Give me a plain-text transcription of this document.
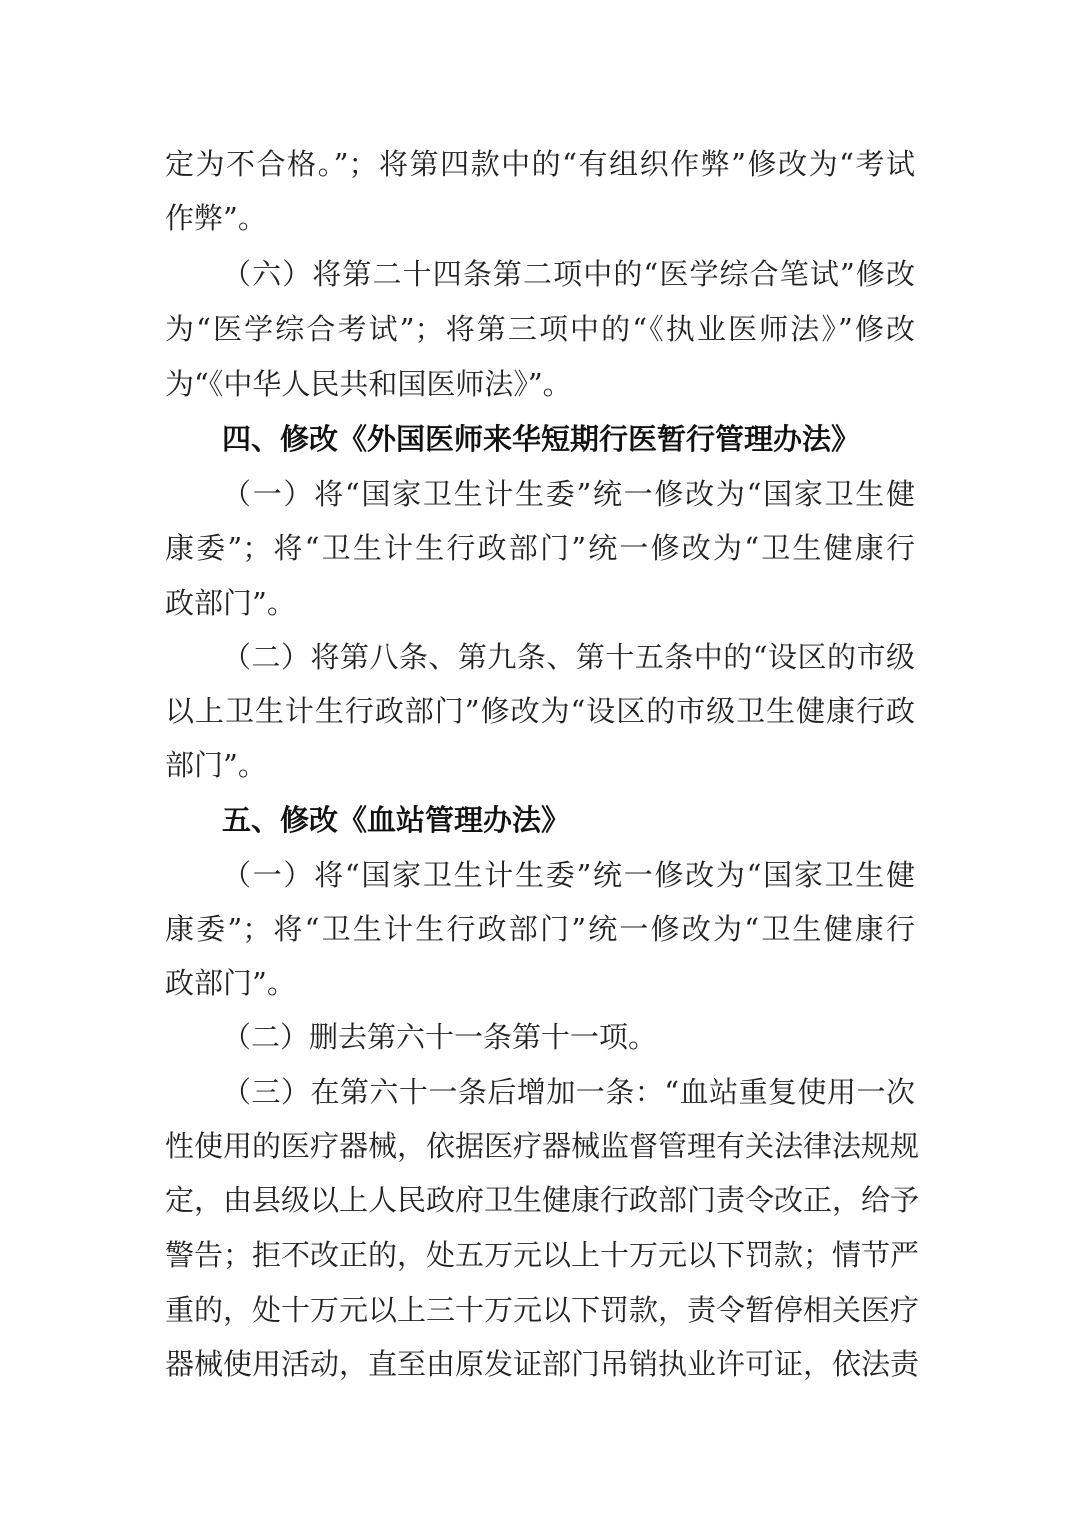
定为不合格。”；将第四款中的“有组织作弊”修改为“考试

作弊”。

（六）将第二十四条第二项中的“医学综合笔试”修改

为“医学综合考试”；将第三项中的“《执业医师法》”修改

为“《中华人民共和国医师法》”。

四、修改《外国医师来华短期行医暂行管理办法》

（一）将“国家卫生计生委”统一修改为“国家卫生健

康委”；将“卫生计生行政部门”统一修改为“卫生健康行

政部门”。

（二）将第八条、第九条、第十五条中的“设区的市级

以上卫生计生行政部门”修改为“设区的市级卫生健康行政

部门”。

五、修改《血站管理办法》

（一）将“国家卫生计生委”统一修改为“国家卫生健

康委”；将“卫生计生行政部门”统一修改为“卫生健康行

政部门”。

（二）删去第六十一条第十一项。

（三）在第六十一条后增加一条：“血站重复使用一次

性使用的医疗器械，依据医疗器械监督管理有关法律法规规

定，由县级以上人民政府卫生健康行政部门责令改正，给予

警告；拒不改正的，处五万元以上十万元以下罚款；情节严

重的，处十万元以上三十万元以下罚款，责令暂停相关医疗

器械使用活动，直至由原发证部门吊销执业许可证，依法责
